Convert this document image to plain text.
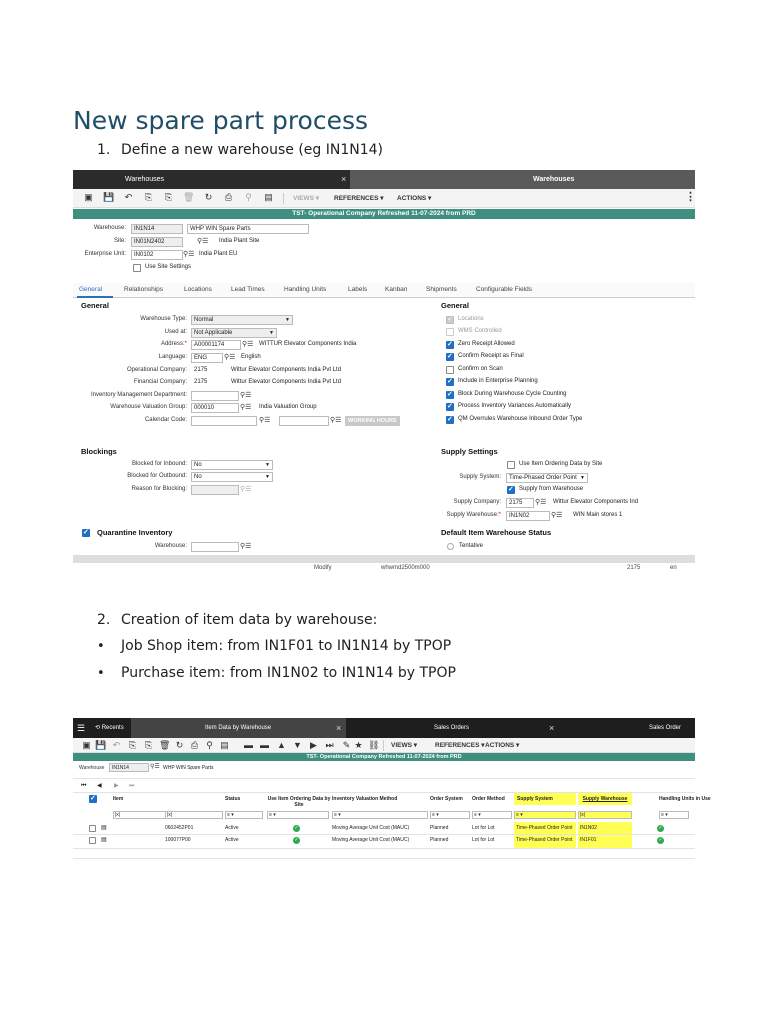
New spare part process
1. Define a new warehouse (eg IN1N14)
Warehouses	×	Warehouses
▣ 💾 ↶ ⎘ ⎘ 🗑 ↻ ⎙ ⚲ ▤	VIEWS ▾ REFERENCES ▾ ACTIONS ▾	⋮
TST- Operational Company Refreshed 11-07-2024 from PRD
Warehouse:	IN1N14	WHP WIN Spare Parts
Site:	IN01N2402	⚲☰ India Plant Site
Enterprise Unit:	IN0102	⚲☰ India Plant EU
Use Site Settings
General	Relationships	Locations	Lead Times	Handling Units	Labels	Kanban	Shipments	Configurable Fields
General
Warehouse Type:	Normal	▼
Used at:	Not Applicable	▼
Address:*	A00001174	⚲☰ WITTUR Elevator Components India
Language:	ENG	⚲☰ English
Operational Company: 2175	Wittur Elevator Components India Pvt Ltd
Financial Company: 2175	Wittur Elevator Components India Pvt Ltd
Inventory Management Department:	⚲☰
Warehouse Valuation Group:	000010	⚲☰ India Valuation Group
Calendar Code:	⚲☰	⚲☰	WORKING HOURS
General
✓
Locations
WMS Controlled
✓
Zero Receipt Allowed
✓
Confirm Receipt as Final
Confirm on Scan
✓
Include in Enterprise Planning
✓
Block During Warehouse Cycle Counting
✓
Process Inventory Variances Automatically
✓
QM Overrules Warehouse Inbound Order Type
Blockings
Blocked for Inbound:	No	▼
Blocked for Outbound:	No	▼
Reason for Blocking:	⚲☰
Supply Settings
Use Item Ordering Data by Site
Supply System:	Time-Phased Order Point ▼
✓
Supply from Warehouse
Supply Company:	2175	⚲☰ Wittur Elevator Components Ind
Supply Warehouse:*	IN1N02	⚲☰ WIN Main stores 1
✓
Quarantine Inventory
Warehouse:	⚲☰
Default Item Warehouse Status
Tentative
Modify	whwmd2500m000	2175	en
2. Creation of item data by warehouse:
• Job Shop item: from IN1F01 to IN1N14 by TPOP
• Purchase item: from IN1N02 to IN1N14 by TPOP
☰ ⟲ Recents	Item Data by Warehouse	×	Sales Orders	×	Sales Order
▣ 💾 ↶ ⎘ ⎘ 🗑 ↻ ⎙ ⚲ ▤ ▬ ▬ ▲ ▼ ▶ ⏭ ✎ ★ ⛓ VIEWS ▾	REFERENCES ▾ ACTIONS ▾
TST- Operational Company Refreshed 11-07-2024 from PRD
Warehouse	IN1N14	⚲☰ WHP WIN Spare Parts
⏮ ◀ ▶ ⏭
✓
Item	Status	Use Item Ordering Data by Site
Inventory Valuation Method	Order System	Order Method	Supply System	Supply Warehouse	Handling Units in Use
|x|	|x|	≡ ▾	≡ ▾	≡ ▾	≡ ▾	≡ ▾	≡ ▾	|x|	≡ ▾
▤	0602452P01	Active	✓	Moving Average Unit Cost (MAUC)	Planned	Lot for Lot	Time-Phased Order Point IN1N02	✓
▤	100077P00	Active	✓	Moving Average Unit Cost (MAUC)	Planned	Lot for Lot	Time-Phased Order Point IN1F01	✓
